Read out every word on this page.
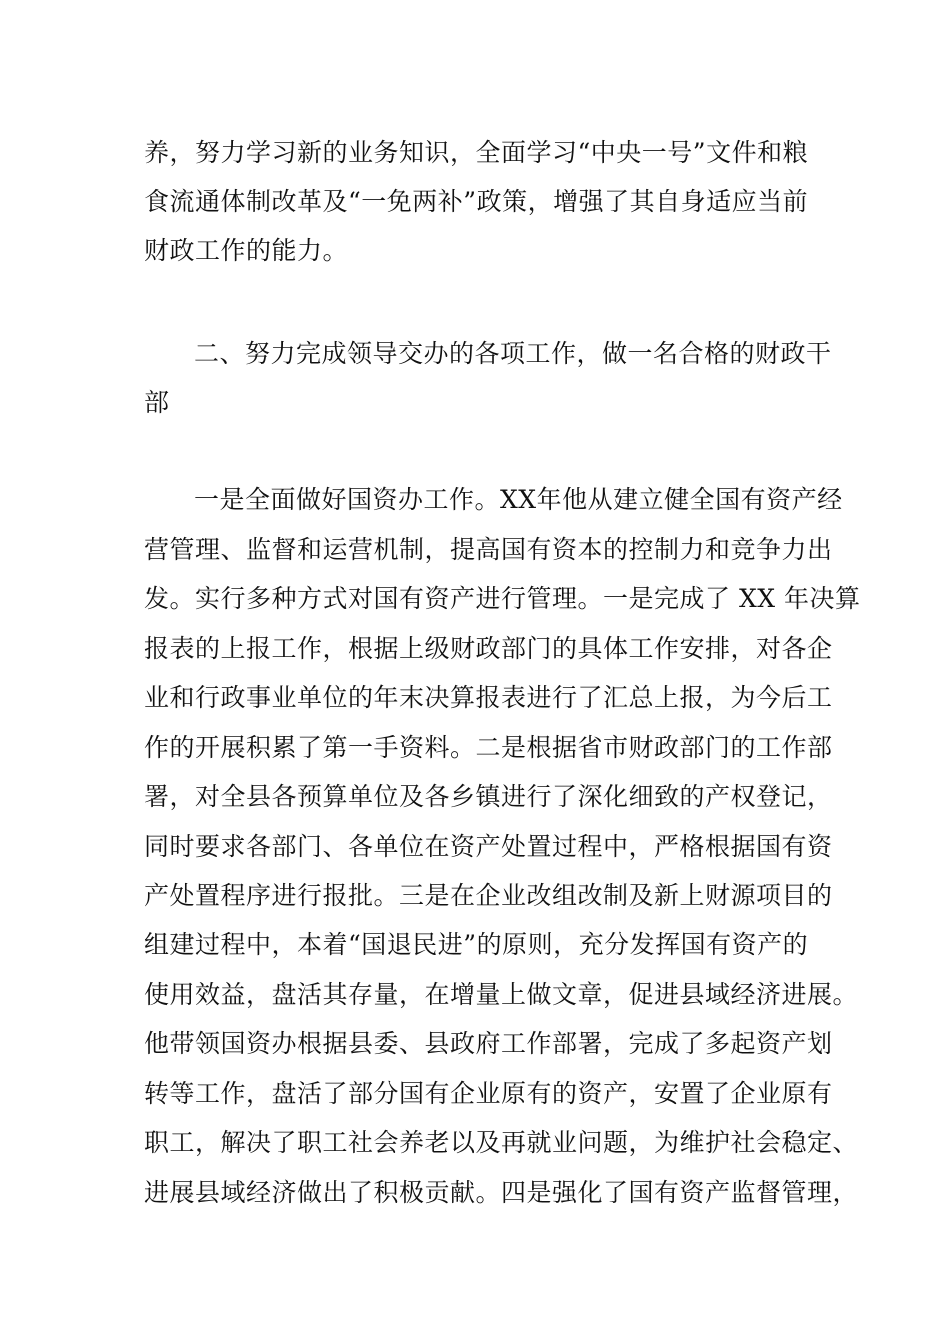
养，努力学习新的业务知识，全面学习“中央一号”文件和粮

食流通体制改革及“一免两补”政策，增强了其自身适应当前

财政工作的能力。

二、努力完成领导交办的各项工作，做一名合格的财政干

部

一是全面做好国资办工作。XX年他从建立健全国有资产经

营管理、监督和运营机制，提高国有资本的控制力和竞争力出

发。实行多种方式对国有资产进行管理。一是完成了 XX 年决算

报表的上报工作，根据上级财政部门的具体工作安排，对各企

业和行政事业单位的年末决算报表进行了汇总上报，为今后工

作的开展积累了第一手资料。二是根据省市财政部门的工作部

署，对全县各预算单位及各乡镇进行了深化细致的产权登记，

同时要求各部门、各单位在资产处置过程中，严格根据国有资

产处置程序进行报批。三是在企业改组改制及新上财源项目的

组建过程中，本着“国退民进”的原则，充分发挥国有资产的

使用效益，盘活其存量，在增量上做文章，促进县域经济进展。

他带领国资办根据县委、县政府工作部署，完成了多起资产划

转等工作，盘活了部分国有企业原有的资产，安置了企业原有

职工，解决了职工社会养老以及再就业问题，为维护社会稳定、

进展县域经济做出了积极贡献。四是强化了国有资产监督管理，
